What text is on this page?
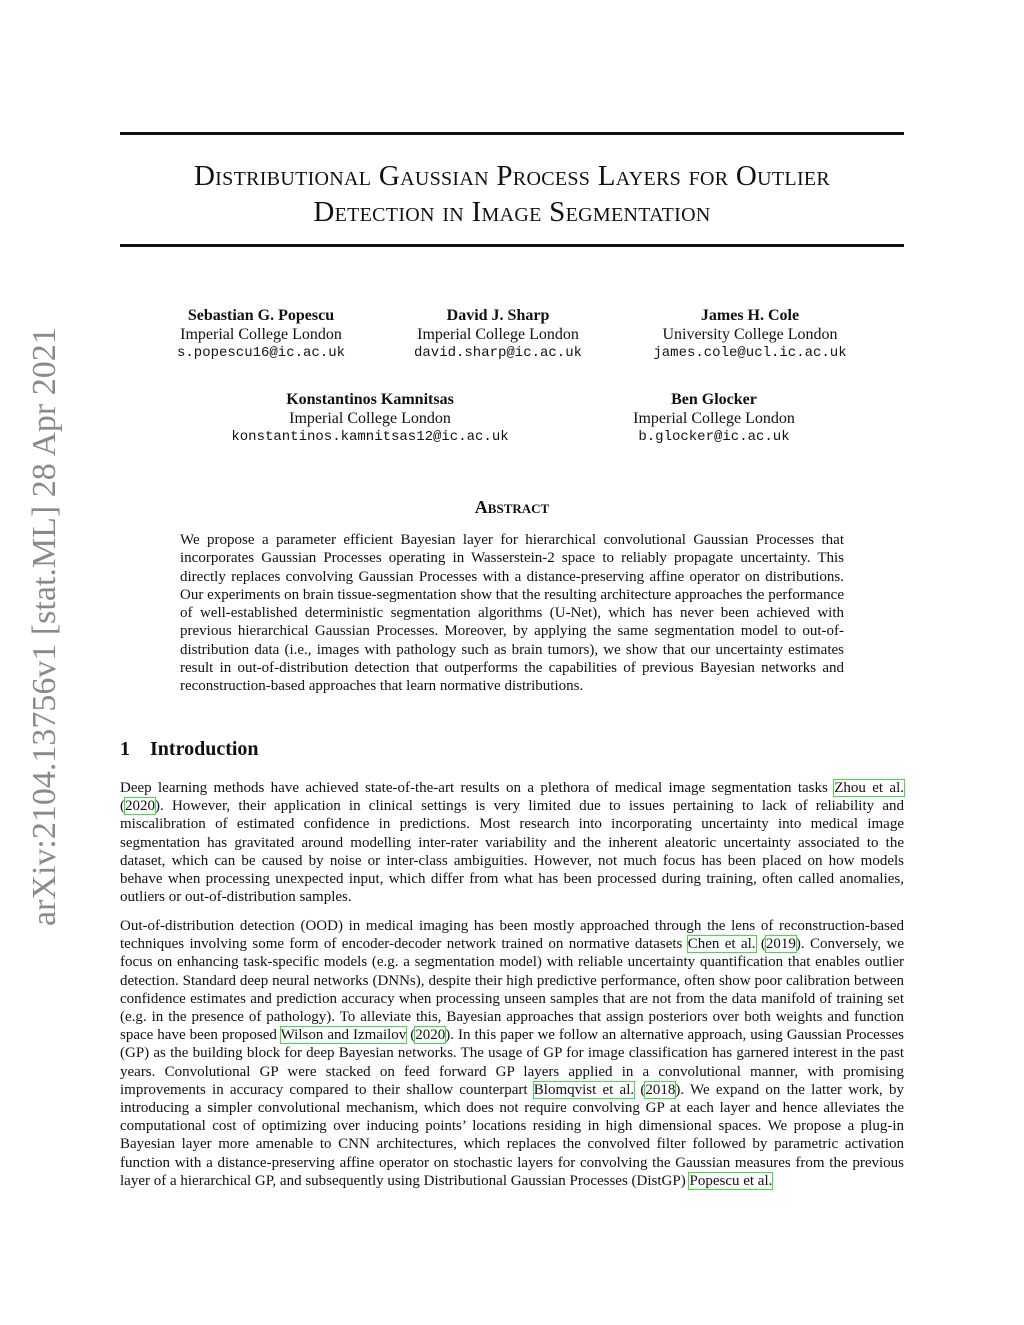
arXiv:2104.13756v1 [stat.ML] 28 Apr 2021
Distributional Gaussian Process Layers for Outlier
Detection in Image Segmentation
Sebastian G. Popescu
Imperial College London
s.popescu16@ic.ac.uk
David J. Sharp
Imperial College London
david.sharp@ic.ac.uk
James H. Cole
University College London
james.cole@ucl.ic.ac.uk
Konstantinos Kamnitsas
Imperial College London
konstantinos.kamnitsas12@ic.ac.uk
Ben Glocker
Imperial College London
b.glocker@ic.ac.uk
Abstract
We propose a parameter efficient Bayesian layer for hierarchical convolutional Gaussian Processes that incorporates Gaussian Processes operating in Wasserstein-2 space to reliably propagate uncertainty. This directly replaces convolving Gaussian Processes with a distance-preserving affine operator on distributions. Our experiments on brain tissue-segmentation show that the resulting architecture approaches the performance of well-established deterministic segmentation algorithms (U-Net), which has never been achieved with previous hierarchical Gaussian Processes. Moreover, by applying the same segmentation model to out-of-distribution data (i.e., images with pathology such as brain tumors), we show that our uncertainty estimates result in out-of-distribution detection that outperforms the capabilities of previous Bayesian networks and reconstruction-based approaches that learn normative distributions.
1 Introduction

Deep learning methods have achieved state-of-the-art results on a plethora of medical image segmentation tasks Zhou et al. (2020). However, their application in clinical settings is very limited due to issues pertaining to lack of reliability and miscalibration of estimated confidence in predictions. Most research into incorporating uncertainty into medical image segmentation has gravitated around modelling inter-rater variability and the inherent aleatoric uncertainty associated to the dataset, which can be caused by noise or inter-class ambiguities. However, not much focus has been placed on how models behave when processing unexpected input, which differ from what has been processed during training, often called anomalies, outliers or out-of-distribution samples.

Out-of-distribution detection (OOD) in medical imaging has been mostly approached through the lens of reconstruction-based techniques involving some form of encoder-decoder network trained on normative datasets Chen et al. (2019). Conversely, we focus on enhancing task-specific models (e.g. a segmentation model) with reliable uncertainty quantification that enables outlier detection. Standard deep neural networks (DNNs), despite their high predictive performance, often show poor calibration between confidence estimates and prediction accuracy when processing unseen samples that are not from the data manifold of training set (e.g. in the presence of pathology). To alleviate this, Bayesian approaches that assign posteriors over both weights and function space have been proposed Wilson and Izmailov (2020). In this paper we follow an alternative approach, using Gaussian Processes (GP) as the building block for deep Bayesian networks. The usage of GP for image classification has garnered interest in the past years. Convolutional GP were stacked on feed forward GP layers applied in a convolutional manner, with promising improvements in accuracy compared to their shallow counterpart Blomqvist et al. (2018). We expand on the latter work, by introducing a simpler convolutional mechanism, which does not require convolving GP at each layer and hence alleviates the computational cost of optimizing over inducing points’ locations residing in high dimensional spaces. We propose a plug-in Bayesian layer more amenable to CNN architectures, which replaces the convolved filter followed by parametric activation function with a distance-preserving affine operator on stochastic layers for convolving the Gaussian measures from the previous layer of a hierarchical GP, and subsequently using Distributional Gaussian Processes (DistGP) Popescu et al.
